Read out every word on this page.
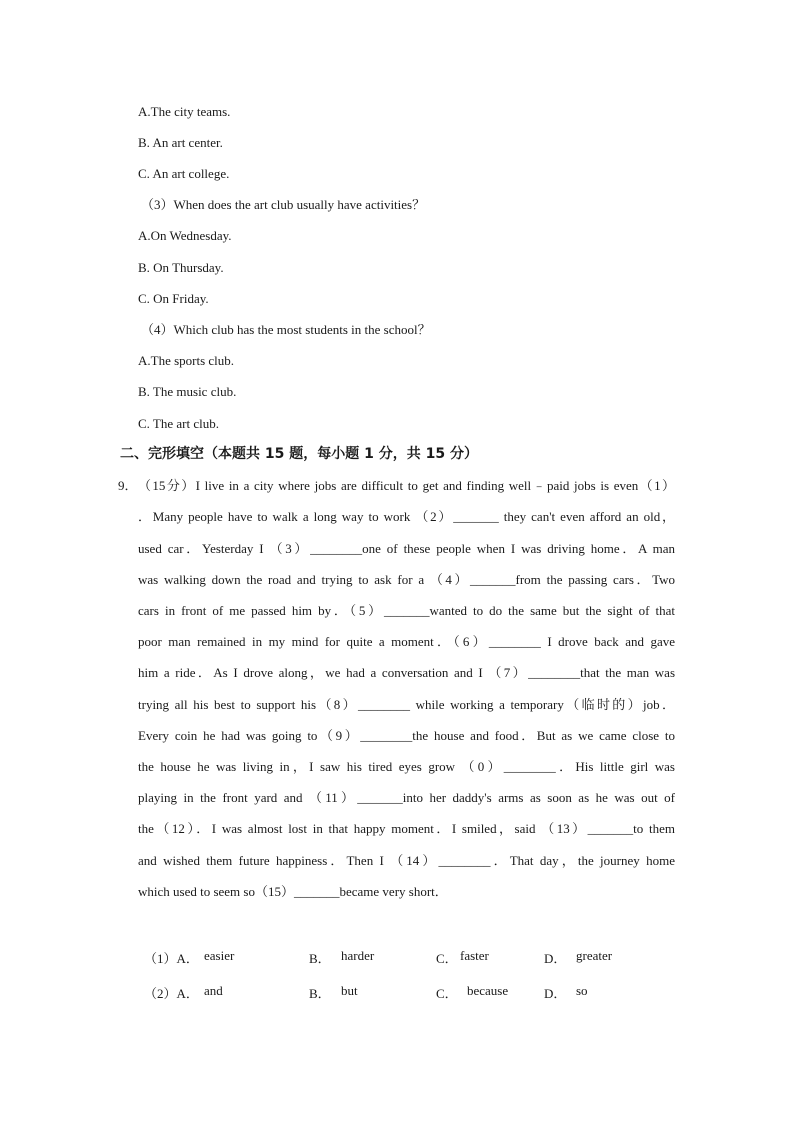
A.The city teams.
B. An art center.
C. An art college.
（3）When does the art club usually have activities？
A.On Wednesday.
B. On Thursday.
C. On Friday.
（4）Which club has the most students in the school？
A.The sports club.
B. The music club.
C. The art club.
二、完形填空（本题共 15 题，每小题 1 分，共 15 分）
9． （15分）I live in a city where jobs are difficult to get and finding well﹣paid jobs is even（1）
．Many people have to walk a long way to work （2）_______ they can't even afford an old，
used car．Yesterday I （3）________one of these people when I was driving home．A man
was walking down the road and trying to ask for a （4）_______from the passing cars．Two
cars in front of me passed him by．（5）_______wanted to do the same but the sight of that
poor man remained in my mind for quite a moment．（6）________ I drove back and gave
him a ride．As I drove along，we had a conversation and I （7）________that the man was
trying all his best to support his（8）________ while working a temporary（临时的）job．
Every coin he had was going to（9）________the house and food．But as we came close to
the house he was living in，I saw his tired eyes grow （0）________．His little girl was
playing in the front yard and （11）_______into her daddy's arms as soon as he was out of
the（12）．I was almost lost in that happy moment．I smiled，said （13）_______to them
and wished them future happiness．Then I （14）________．That day，the journey home
which used to seem so（15）_______became very short．
（1）A． easier	B． harder	C． faster	D． greater
（2）A． and	B． but	C． because	D． so
